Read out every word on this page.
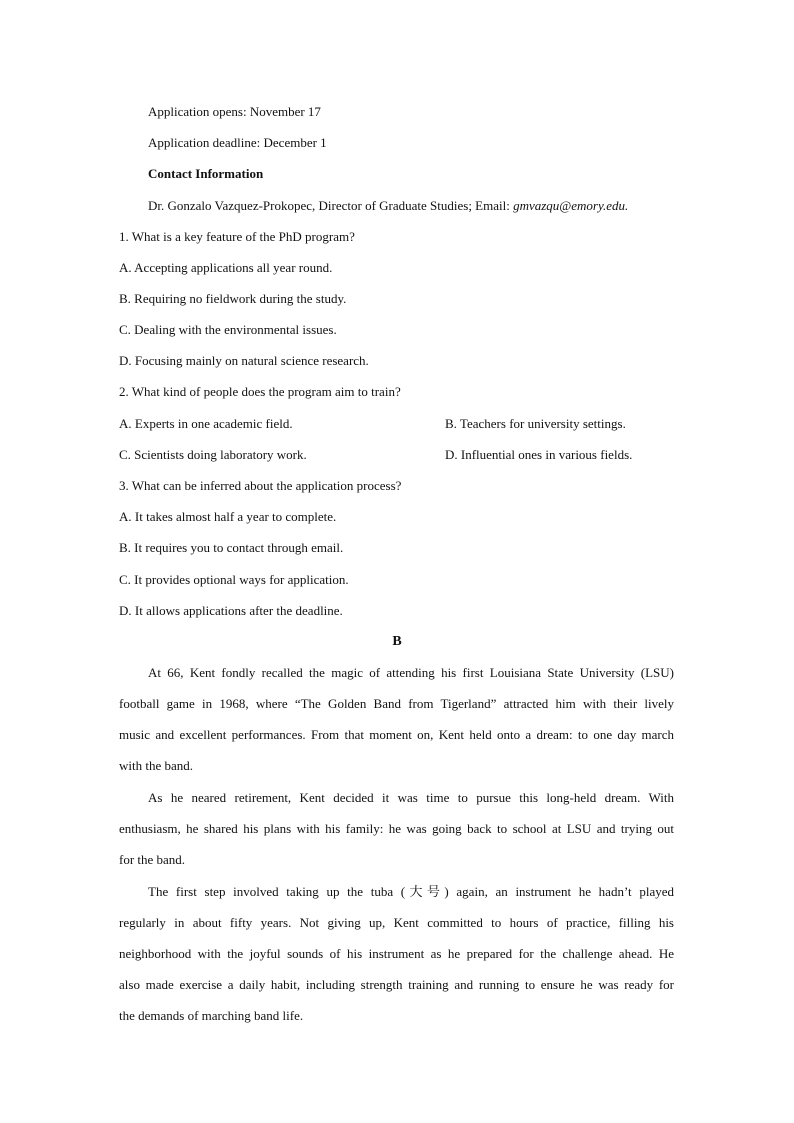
Application opens: November 17
Application deadline: December 1
Contact Information
Dr. Gonzalo Vazquez-Prokopec, Director of Graduate Studies; Email: gmvazqu@emory.edu.
1. What is a key feature of the PhD program?
A. Accepting applications all year round.
B. Requiring no fieldwork during the study.
C. Dealing with the environmental issues.
D. Focusing mainly on natural science research.
2. What kind of people does the program aim to train?
A. Experts in one academic field.	B. Teachers for university settings.
C. Scientists doing laboratory work.	D. Influential ones in various fields.
3. What can be inferred about the application process?
A. It takes almost half a year to complete.
B. It requires you to contact through email.
C. It provides optional ways for application.
D. It allows applications after the deadline.
B
At 66, Kent fondly recalled the magic of attending his first Louisiana State University (LSU)
football game in 1968, where “The Golden Band from Tigerland” attracted him with their lively
music and excellent performances. From that moment on, Kent held onto a dream: to one day march
with the band.
As he neared retirement, Kent decided it was time to pursue this long-held dream. With
enthusiasm, he shared his plans with his family: he was going back to school at LSU and trying out
for the band.
The first step involved taking up the tuba (大号) again, an instrument he hadn’t played
regularly in about fifty years. Not giving up, Kent committed to hours of practice, filling his
neighborhood with the joyful sounds of his instrument as he prepared for the challenge ahead. He
also made exercise a daily habit, including strength training and running to ensure he was ready for
the demands of marching band life.
